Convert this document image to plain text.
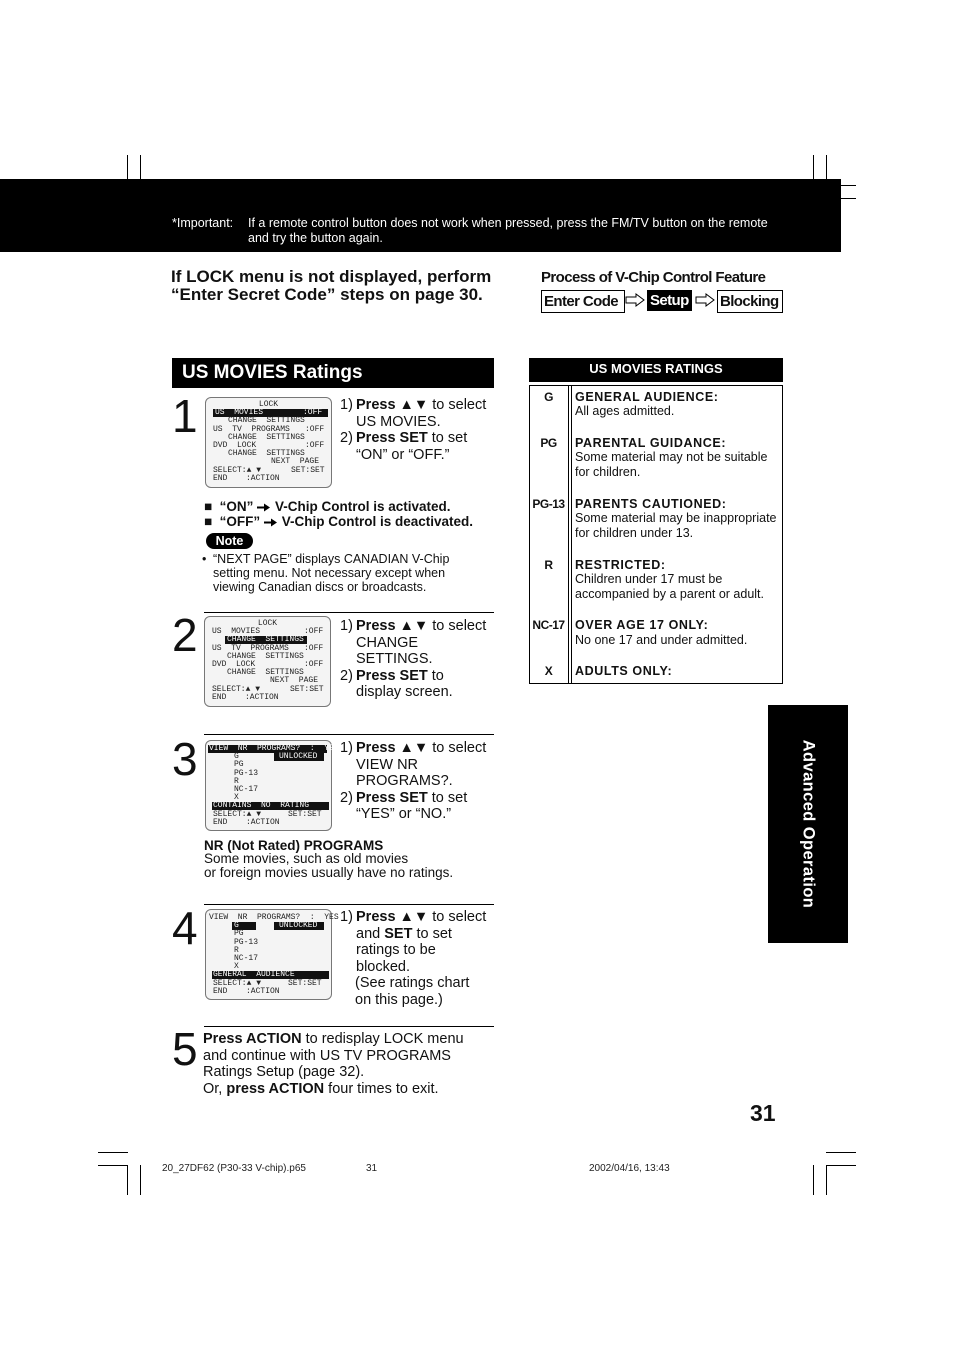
*Important: If a remote control button does not work when pressed, press the FM/TV button on the remote and try the button again.
If LOCK menu is not displayed, perform
“Enter Secret Code” steps on page 30.
Process of V-Chip Control Feature
Enter Code	Setup Blocking
US MOVIES Ratings
1	LOCK
US  MOVIES	:OFF
CHANGE  SETTINGS
US  TV  PROGRAMS :OFF
CHANGE  SETTINGS
DVD  LOCK	:OFF
CHANGE  SETTINGS
NEXT  PAGE
SELECT:▲ ▼	SET:SET
END :ACTION
1) Press ▲▼ to select
US MOVIES.
2) Press SET to set
“ON” or “OFF.”
■ “ON” V-Chip Control is activated.
■ “OFF” V-Chip Control is deactivated.
Note
• “NEXT PAGE” displays CANADIAN V-Chip setting menu. Not necessary except when viewing Canadian discs or broadcasts.
2	LOCK
US  MOVIES	:OFF
CHANGE  SETTINGS
US  TV  PROGRAMS :OFF
CHANGE  SETTINGS
DVD  LOCK	:OFF
CHANGE  SETTINGS
NEXT  PAGE
SELECT:▲ ▼	SET:SET
END :ACTION
1) Press ▲▼ to select
CHANGE
SETTINGS.
2) Press SET to
display screen.
3 VIEW  NR  PROGRAMS?  :  YES
UNLOCKED
G
PG
PG-13
R
NC-17
X
CONTAINS  NO  RATING
SELECT:▲ ▼	SET:SET
END :ACTION
1) Press ▲▼ to select
VIEW NR
PROGRAMS?.
2) Press SET to set
“YES” or “NO.”
NR (Not Rated) PROGRAMS
Some movies, such as old movies
or foreign movies usually have no ratings.
4	VIEW  NR  PROGRAMS?  :  YES
G	UNLOCKED
PG
PG-13
R
NC-17
X
GENERAL  AUDIENCE
SELECT:▲ ▼	SET:SET
END :ACTION
1) Press ▲▼ to select
and SET to set
ratings to be
blocked.
(See ratings chart
on this page.)
5 Press ACTION to redisplay LOCK menu
and continue with US TV PROGRAMS
Ratings Setup (page 32).
Or, press ACTION four times to exit.
US MOVIES RATINGS
G	GENERAL AUDIENCE:
All ages admitted.
PG	PARENTAL GUIDANCE:
Some material may not be suitable for children.
PG-13 PARENTS CAUTIONED:
Some material may be inappropriate for children under 13.
R	RESTRICTED:
Children under 17 must be accompanied by a parent or adult.
NC-17 OVER AGE 17 ONLY:
No one 17 and under admitted.
X	ADULTS ONLY:
Advanced Operation
31
20_27DF62 (P30-33 V-chip).p65	31	2002/04/16, 13:43
